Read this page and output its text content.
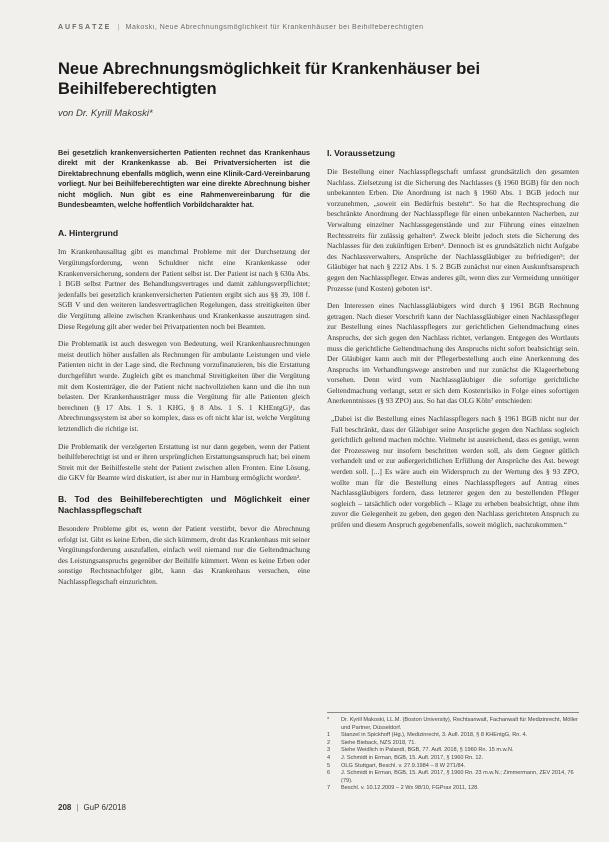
AUFSÄTZE | Makoski, Neue Abrechnungsmöglichkeit für Krankenhäuser bei Beihilfeberechtigten
Neue Abrechnungsmöglichkeit für Krankenhäuser bei Beihilfeberechtigten
von Dr. Kyrill Makoski*

Bei gesetzlich krankenversicherten Patienten rechnet das Krankenhaus direkt mit der Krankenkasse ab. Bei Privatversicherten ist die Direktabrechnung ebenfalls möglich, wenn eine Klinik-Card-Vereinbarung vorliegt. Nur bei Beihilfeberechtigten war eine direkte Abrechnung bisher nicht möglich. Nun gibt es eine Rahmenvereinbarung für die Bundesbeamten, welche hoffentlich Vorbildcharakter hat.

A. Hintergrund

Im Krankenhausalltag gibt es manchmal Probleme mit der Durchsetzung der Vergütungsforderung, wenn Schuldner nicht eine Krankenkasse oder Krankenversicherung, sondern der Patient selbst ist. Der Patient ist nach § 630a Abs. 1 BGB selbst Partner des Behandlungsvertrages und damit zahlungsverpflichtet; jedenfalls bei gesetzlich krankenversicherten Patienten ergibt sich aus §§ 39, 108 f. SGB V und den weiteren landesvertraglichen Regelungen, dass streitigkeiten über die Vergütung alleine zwischen Krankenhaus und Krankenkasse auszutragen sind. Diese Regelung gilt aber weder bei Privatpatienten noch bei Beamten.

Die Problematik ist auch deswegen von Bedeutung, weil Krankenhausrechnungen meist deutlich höher ausfallen als Rechnungen für ambulante Leistungen und viele Patienten nicht in der Lage sind, die Rechnung vorzufinanzieren, bis die Erstattung durchgeführt wurde. Zugleich gibt es manchmal Streitigkeiten über die Vergütung mit dem Kostenträger, die der Patient nicht nachvollziehen kann und die ihn nun belasten. Der Krankenhausträger muss die Vergütung für alle Patienten gleich berechnen (§ 17 Abs. 1 S. 1 KHG, § 8 Abs. 1 S. 1 KHEntgG)¹, das Abrechnungssystem ist aber so komplex, dass es oft nicht klar ist, welche Vergütung letztendlich die richtige ist.

Die Problematik der verzögerten Erstattung ist nur dann gegeben, wenn der Patient beihilfeberechtigt ist und er ihren ursprünglichen Erstattungsanspruch hat; bei einem Streit mit der Beihilfestelle steht der Patient zwischen allen Fronten. Eine Lösung, die GKV für Beamte wird diskutiert, ist aber nur in Hamburg ermöglicht worden².

B. Tod des Beihilfeberechtigten und Möglichkeit einer Nachlasspflegschaft

Besondere Probleme gibt es, wenn der Patient verstirbt, bevor die Abrechnung erfolgt ist. Gibt es keine Erben, die sich kümmern, droht das Krankenhaus mit seiner Vergütungsforderung auszufallen, einfach weil niemand nur die Geltendmachung des Leistungsanspruchs gegenüber der Beihilfe kümmert. Wenn es keine Erben oder sonstige Rechtsnachfolger gibt, kann das Krankenhaus versuchen, eine Nachlasspflegschaft einzurichten.

I. Voraussetzung

Die Bestellung einer Nachlasspflegschaft umfasst grundsätzlich den gesamten Nachlass. Zielsetzung ist die Sicherung des Nachlasses (§ 1960 BGB) für den noch unbekannten Erben. Die Anordnung ist nach § 1960 Abs. 1 BGB jedoch nur vorzunehmen, „soweit ein Bedürfnis besteht“. So hat die Rechtsprechung die beschränkte Anordnung der Nachlasspflege für einen unbekannten Nacherben, zur Verwaltung einzelner Nachlassgegenstände und zur Führung eines einzelnen Rechtsstreits für zulässig gehalten³. Zweck bleibt jedoch stets die Sicherung des Nachlasses für den zukünftigen Erben⁴. Dennoch ist es grundsätzlich nicht Aufgabe des Nachlassverwalters, Ansprüche der Nachlassgläubiger zu befriedigen⁵; der Gläubiger hat nach § 2212 Abs. 1 S. 2 BGB zunächst nur einen Auskunftsanspruch gegen den Nachlasspfleger. Etwas anderes gilt, wenn dies zur Vermeidung unnötiger Prozesse (und Kosten) geboten ist⁶.

Den Interessen eines Nachlassgläubigers wird durch § 1961 BGB Rechnung getragen. Nach dieser Vorschrift kann der Nachlassgläubiger einen Nachlasspfleger zur Bestellung eines Nachlasspflegers zur gerichtlichen Geltendmachung eines Anspruchs, der sich gegen den Nachlass richtet, verlangen. Entgegen des Wortlauts muss die gerichtliche Geltendmachung des Anspruchs nicht sofort beabsichtigt sein. Der Gläubiger kann auch mit der Pflegerbestellung auch eine Anerkennung des Anspruchs im Verhandlungswege anstreben und nur zunächst die Klageerhebung vorsehen. Denn wird vom Nachlassgläubiger die sofortige gerichtliche Geltendmachung verlangt, setzt er sich dem Kostenrisiko in Folge eines sofortigen Anerkenntnisses (§ 93 ZPO) aus. So hat das OLG Köln⁷ entschieden:

„Dabei ist die Bestellung eines Nachlasspflegers nach § 1961 BGB nicht nur der Fall beschränkt, dass der Gläubiger seine Ansprüche gegen den Nachlass sogleich gerichtlich geltend machen möchte. Vielmehr ist ausreichend, dass es genügt, wenn der Prozessweg nur insofern beschritten werden soll, als dem Gegner gütlich verhandelt und er zur außergerichtlichen Erfüllung der Ansprüche des Ast. bewegt werden soll. [...] Es wäre auch ein Widerspruch zu der Wertung des § 93 ZPO, wollte man für die Bestellung eines Nachlasspflegers auf Antrag eines Nachlassgläubigers fordern, dass letzterer gegen den zu bestellenden Pfleger sogleich – tatsächlich oder vorgeblich – Klage zu erheben beabsichtigt, ohne ihm zuvor die Gelegenheit zu geben, den gegen den Nachlass gerichteten Anspruch zu prüfen und diesem Anspruch gegebenenfalls, soweit möglich, nachzukommen.“

*	Dr. Kyrill Makoski, LL.M. (Boston University), Rechtsanwalt, Fachanwalt für Medizinrecht, Möller und Partner, Düsseldorf.
1	Stanzel in Spickhoff (Hg.), Medizinrecht, 3. Aufl. 2018, § 8 KHEntgG, Rn. 4.
2	Siehe Bieback, NZS 2018, 71.
3	Siehe Weidlich in Palandt, BGB, 77. Aufl. 2018, § 1960 Rn. 15 m.w.N.
4	J. Schmidt in Erman, BGB, 15. Aufl. 2017, § 1960 Rn. 12.
5	OLG Stuttgart, Beschl. v. 27.9.1984 – 8 W 271/84.
6	J. Schmidt in Erman, BGB, 15. Aufl. 2017, § 1960 Rn. 23 m.w.N.; Zimmermann, ZEV 2014, 76 (79).
7	Beschl. v. 10.12.2009 – 2 Wx 98/10, FGPrax 2011, 128.
208 | GuP 6/2018
